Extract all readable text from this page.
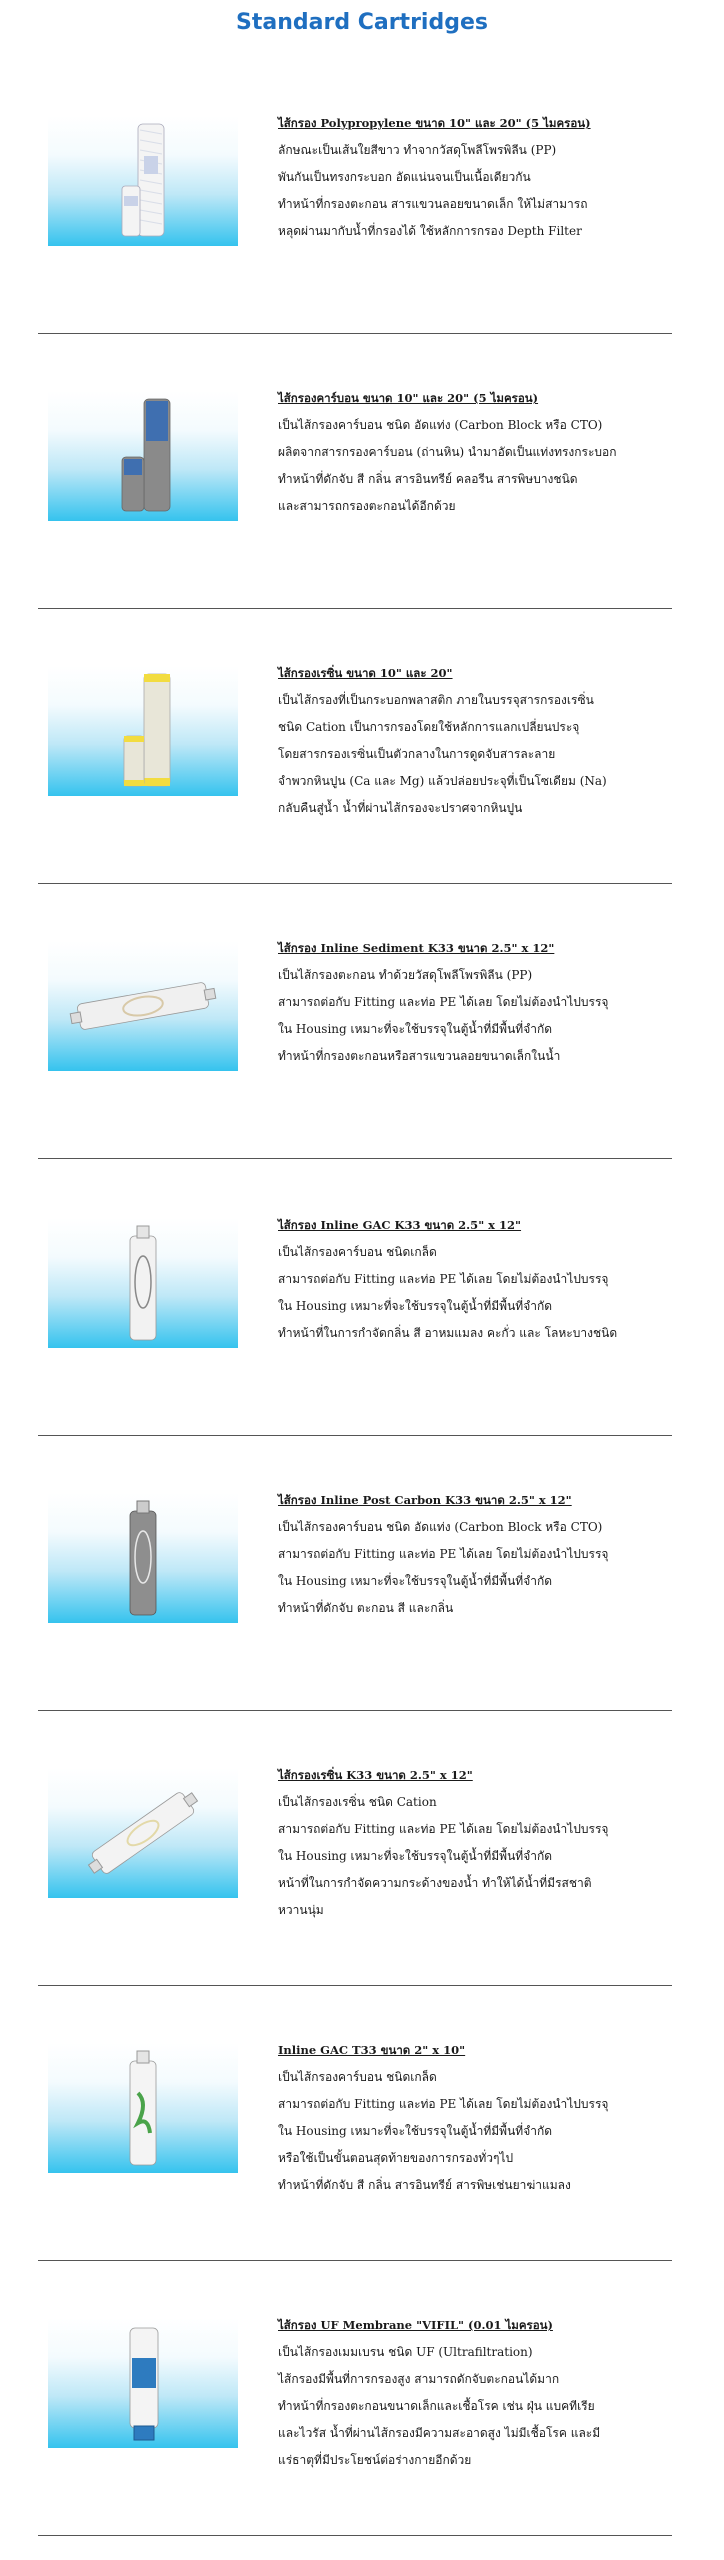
Standard Cartridges
ไส้กรอง Polypropylene ขนาด 10" และ 20" (5 ไมครอน)
ลักษณะเป็นเส้นใยสีขาว ทำจากวัสดุโพลีโพรพิลีน (PP)
พันกันเป็นทรงกระบอก อัดแน่นจนเป็นเนื้อเดียวกัน
ทำหน้าที่กรองตะกอน สารแขวนลอยขนาดเล็ก ให้ไม่สามารถ
หลุดผ่านมากับน้ำที่กรองได้ ใช้หลักการกรอง Depth Filter
ไส้กรองคาร์บอน ขนาด 10" และ 20" (5 ไมครอน)
เป็นไส้กรองคาร์บอน ชนิด อัดแท่ง (Carbon Block หรือ CTO)
ผลิตจากสารกรองคาร์บอน (ถ่านหิน) นำมาอัดเป็นแท่งทรงกระบอก
ทำหน้าที่ดักจับ สี กลิ่น สารอินทรีย์ คลอรีน สารพิษบางชนิด
และสามารถกรองตะกอนได้อีกด้วย
ไส้กรองเรซิ่น ขนาด 10" และ 20"
เป็นไส้กรองที่เป็นกระบอกพลาสติก ภายในบรรจุสารกรองเรซิ่น
ชนิด Cation เป็นการกรองโดยใช้หลักการแลกเปลี่ยนประจุ
โดยสารกรองเรซิ่นเป็นตัวกลางในการดูดจับสารละลาย
จำพวกหินปูน (Ca และ Mg) แล้วปล่อยประจุที่เป็นโซเดียม (Na)
กลับคืนสู่น้ำ น้ำที่ผ่านไส้กรองจะปราศจากหินปูน
ไส้กรอง Inline Sediment K33 ขนาด 2.5" x 12"
เป็นไส้กรองตะกอน ทำด้วยวัสดุโพลีโพรพิลีน (PP)
สามารถต่อกับ Fitting และท่อ PE ได้เลย โดยไม่ต้องนำไปบรรจุ
ใน Housing เหมาะที่จะใช้บรรจุในตู้น้ำที่มีพื้นที่จำกัด
ทำหน้าที่กรองตะกอนหรือสารแขวนลอยขนาดเล็กในน้ำ
ไส้กรอง Inline GAC K33 ขนาด 2.5" x 12"
เป็นไส้กรองคาร์บอน ชนิดเกล็ด
สามารถต่อกับ Fitting และท่อ PE ได้เลย โดยไม่ต้องนำไปบรรจุ
ใน Housing เหมาะที่จะใช้บรรจุในตู้น้ำที่มีพื้นที่จำกัด
ทำหน้าที่ในการกำจัดกลิ่น สี อาหมแมลง คะกั่ว และ โลหะบางชนิด
ไส้กรอง Inline Post Carbon K33 ขนาด 2.5" x 12"
เป็นไส้กรองคาร์บอน ชนิด อัดแท่ง (Carbon Block หรือ CTO)
สามารถต่อกับ Fitting และท่อ PE ได้เลย โดยไม่ต้องนำไปบรรจุ
ใน Housing เหมาะที่จะใช้บรรจุในตู้น้ำที่มีพื้นที่จำกัด
ทำหน้าที่ดักจับ ตะกอน สี และกลิ่น
ไส้กรองเรซิ่น K33 ขนาด 2.5" x 12"
เป็นไส้กรองเรซิ่น ชนิด Cation
สามารถต่อกับ Fitting และท่อ PE ได้เลย โดยไม่ต้องนำไปบรรจุ
ใน Housing เหมาะที่จะใช้บรรจุในตู้น้ำที่มีพื้นที่จำกัด
หน้าที่ในการกำจัดความกระด้างของน้ำ ทำให้ได้น้ำที่มีรสชาติ
หวานนุ่ม
Inline GAC T33 ขนาด 2" x 10"
เป็นไส้กรองคาร์บอน ชนิดเกล็ด
สามารถต่อกับ Fitting และท่อ PE ได้เลย โดยไม่ต้องนำไปบรรจุ
ใน Housing เหมาะที่จะใช้บรรจุในตู้น้ำที่มีพื้นที่จำกัด
หรือใช้เป็นขั้นตอนสุดท้ายของการกรองทั่วๆไป
ทำหน้าที่ดักจับ สี กลิ่น สารอินทรีย์ สารพิษเช่นยาฆ่าแมลง
ไส้กรอง UF Membrane "VIFIL" (0.01 ไมครอน)
เป็นไส้กรองเมมเบรน ชนิด UF (Ultrafiltration)
ไส้กรองมีพื้นที่การกรองสูง สามารถดักจับตะกอนได้มาก
ทำหน้าที่กรองตะกอนขนาดเล็กและเชื้อโรค เช่น ฝุ่น แบคทีเรีย
และไวรัส น้ำที่ผ่านไส้กรองมีความสะอาดสูง ไม่มีเชื้อโรค และมี
แร่ธาตุที่มีประโยชน์ต่อร่างกายอีกด้วย
